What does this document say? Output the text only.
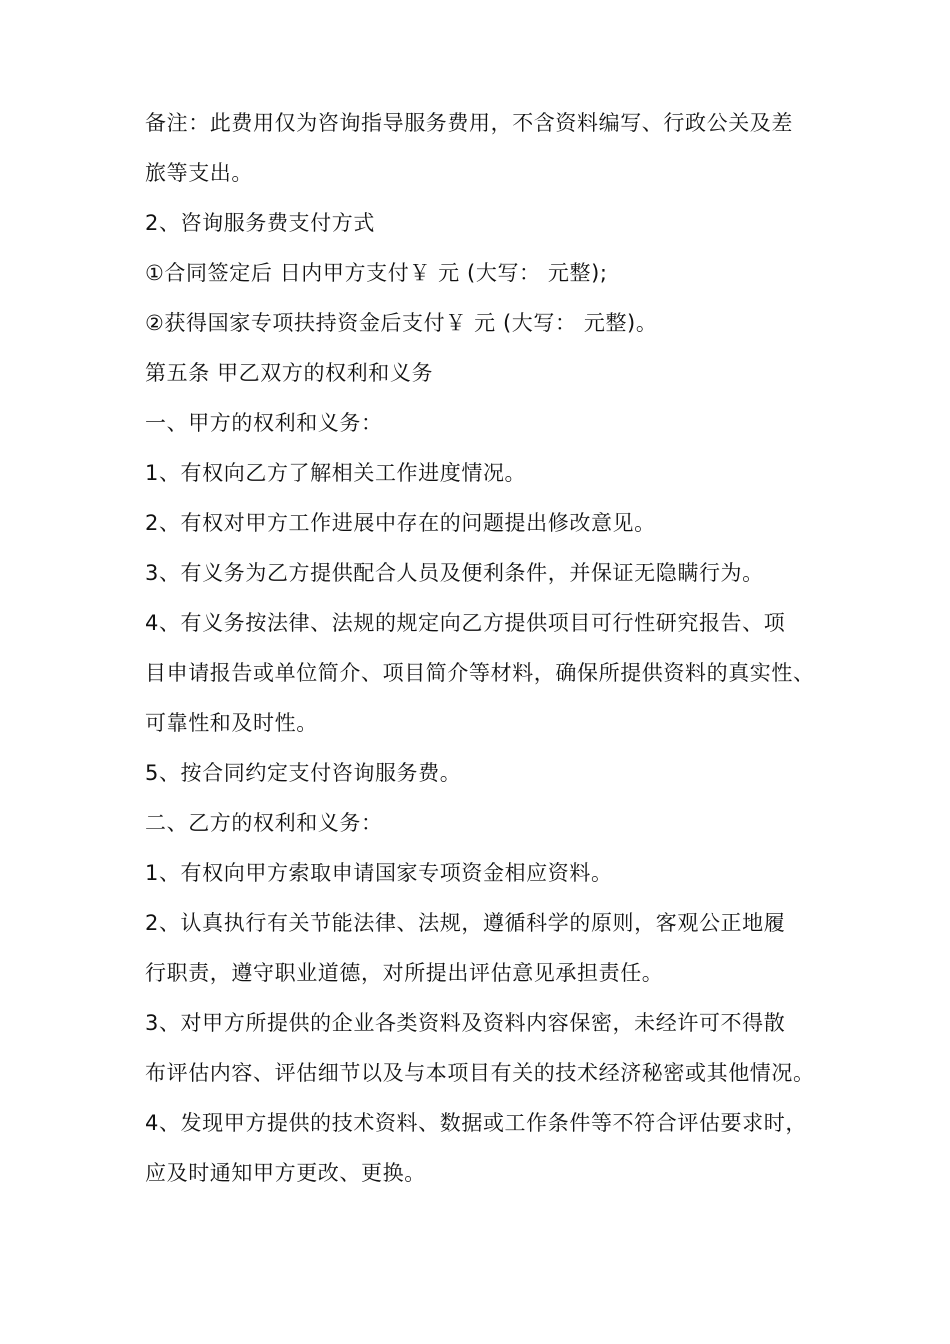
备注：此费用仅为咨询指导服务费用，不含资料编写、行政公关及差
旅等支出。
2、咨询服务费支付方式
①合同签定后 日内甲方支付￥ 元 (大写： 元整);
②获得国家专项扶持资金后支付￥ 元 (大写： 元整)。
第五条 甲乙双方的权利和义务
一、甲方的权利和义务：
1、有权向乙方了解相关工作进度情况。
2、有权对甲方工作进展中存在的问题提出修改意见。
3、有义务为乙方提供配合人员及便利条件，并保证无隐瞒行为。
4、有义务按法律、法规的规定向乙方提供项目可行性研究报告、项
目申请报告或单位简介、项目简介等材料，确保所提供资料的真实性、
可靠性和及时性。
5、按合同约定支付咨询服务费。
二、乙方的权利和义务：
1、有权向甲方索取申请国家专项资金相应资料。
2、认真执行有关节能法律、法规，遵循科学的原则，客观公正地履
行职责，遵守职业道德，对所提出评估意见承担责任。
3、对甲方所提供的企业各类资料及资料内容保密，未经许可不得散
布评估内容、评估细节以及与本项目有关的技术经济秘密或其他情况。
4、发现甲方提供的技术资料、数据或工作条件等不符合评估要求时，
应及时通知甲方更改、更换。
